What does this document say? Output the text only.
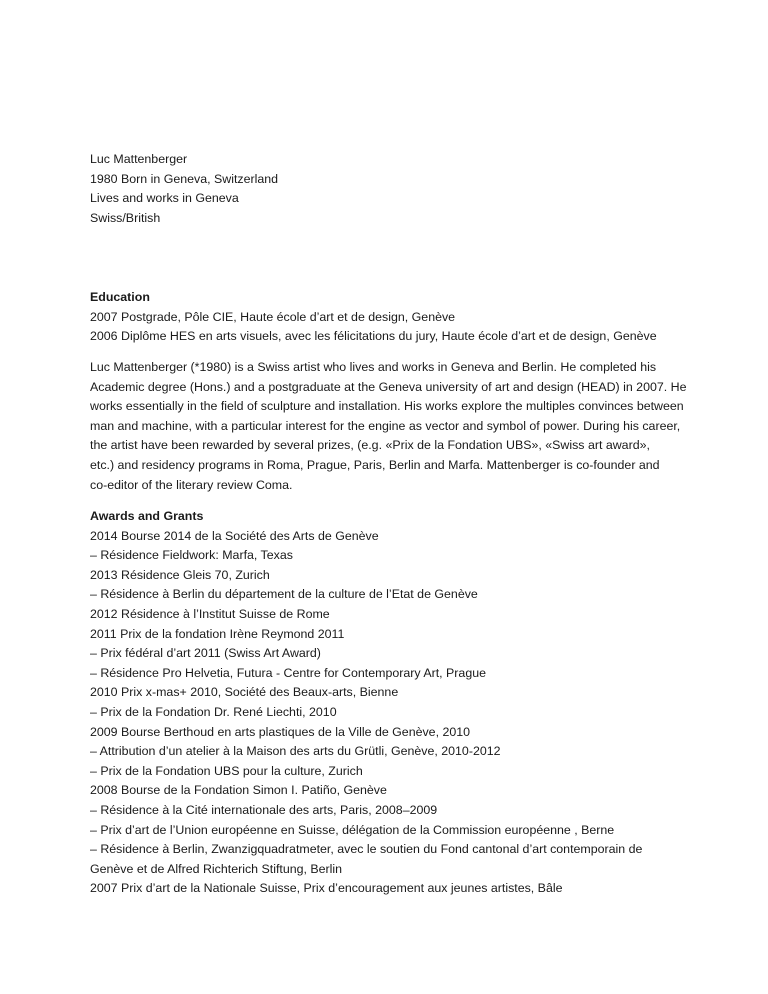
Luc Mattenberger
1980 Born in Geneva, Switzerland
Lives and works in Geneva
Swiss/British
Education
2007 Postgrade, Pôle CIE, Haute école d’art et de design, Genève
2006 Diplôme HES en arts visuels, avec les félicitations du jury, Haute école d’art et de design, Genève
Luc Mattenberger (*1980) is a Swiss artist who lives and works in Geneva and Berlin. He completed his
Academic degree (Hons.) and a postgraduate at the Geneva university of art and design (HEAD) in 2007. He
works essentially in the field of sculpture and installation. His works explore the multiples convinces between
man and machine, with a particular interest for the engine as vector and symbol of power. During his career,
the artist have been rewarded by several prizes, (e.g. «Prix de la Fondation UBS», «Swiss art award»,
etc.) and residency programs in Roma, Prague, Paris, Berlin and Marfa. Mattenberger is co-founder and
co-editor of the literary review Coma.
Awards and Grants
2014 Bourse 2014 de la Société des Arts de Genève
– Résidence Fieldwork: Marfa, Texas
2013 Résidence Gleis 70, Zurich
– Résidence à Berlin du département de la culture de l’Etat de Genève
2012 Résidence à l’Institut Suisse de Rome
2011 Prix de la fondation Irène Reymond 2011
– Prix fédéral d’art 2011 (Swiss Art Award)
– Résidence Pro Helvetia, Futura - Centre for Contemporary Art, Prague
2010 Prix x-mas+ 2010, Société des Beaux-arts, Bienne
– Prix de la Fondation Dr. René Liechti, 2010
2009 Bourse Berthoud en arts plastiques de la Ville de Genève, 2010
– Attribution d’un atelier à la Maison des arts du Grütli, Genève, 2010-2012
– Prix de la Fondation UBS pour la culture, Zurich
2008 Bourse de la Fondation Simon I. Patiño, Genève
– Résidence à la Cité internationale des arts, Paris, 2008–2009
– Prix d’art de l’Union européenne en Suisse, délégation de la Commission européenne , Berne
– Résidence à Berlin, Zwanzigquadratmeter, avec le soutien du Fond cantonal d’art contemporain de
Genève et de Alfred Richterich Stiftung, Berlin
2007 Prix d’art de la Nationale Suisse, Prix d’encouragement aux jeunes artistes, Bâle
